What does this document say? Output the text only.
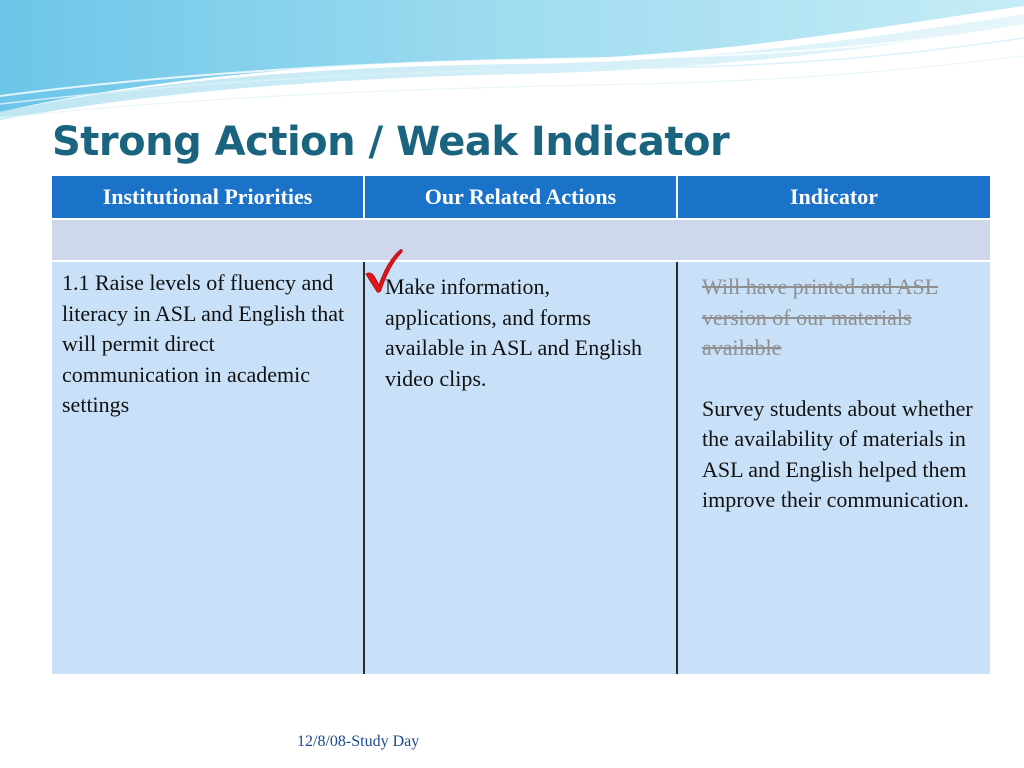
Strong Action / Weak Indicator
Institutional Priorities	Our Related Actions	Indicator

1.1 Raise levels of fluency and literacy in ASL and English that will permit direct communication in academic settings	Make information, applications, and forms available in ASL and English video clips.	Will have printed and ASL version of our materials available

Survey students about whether the availability of materials in ASL and English helped them improve their communication.

12/8/08-Study Day
